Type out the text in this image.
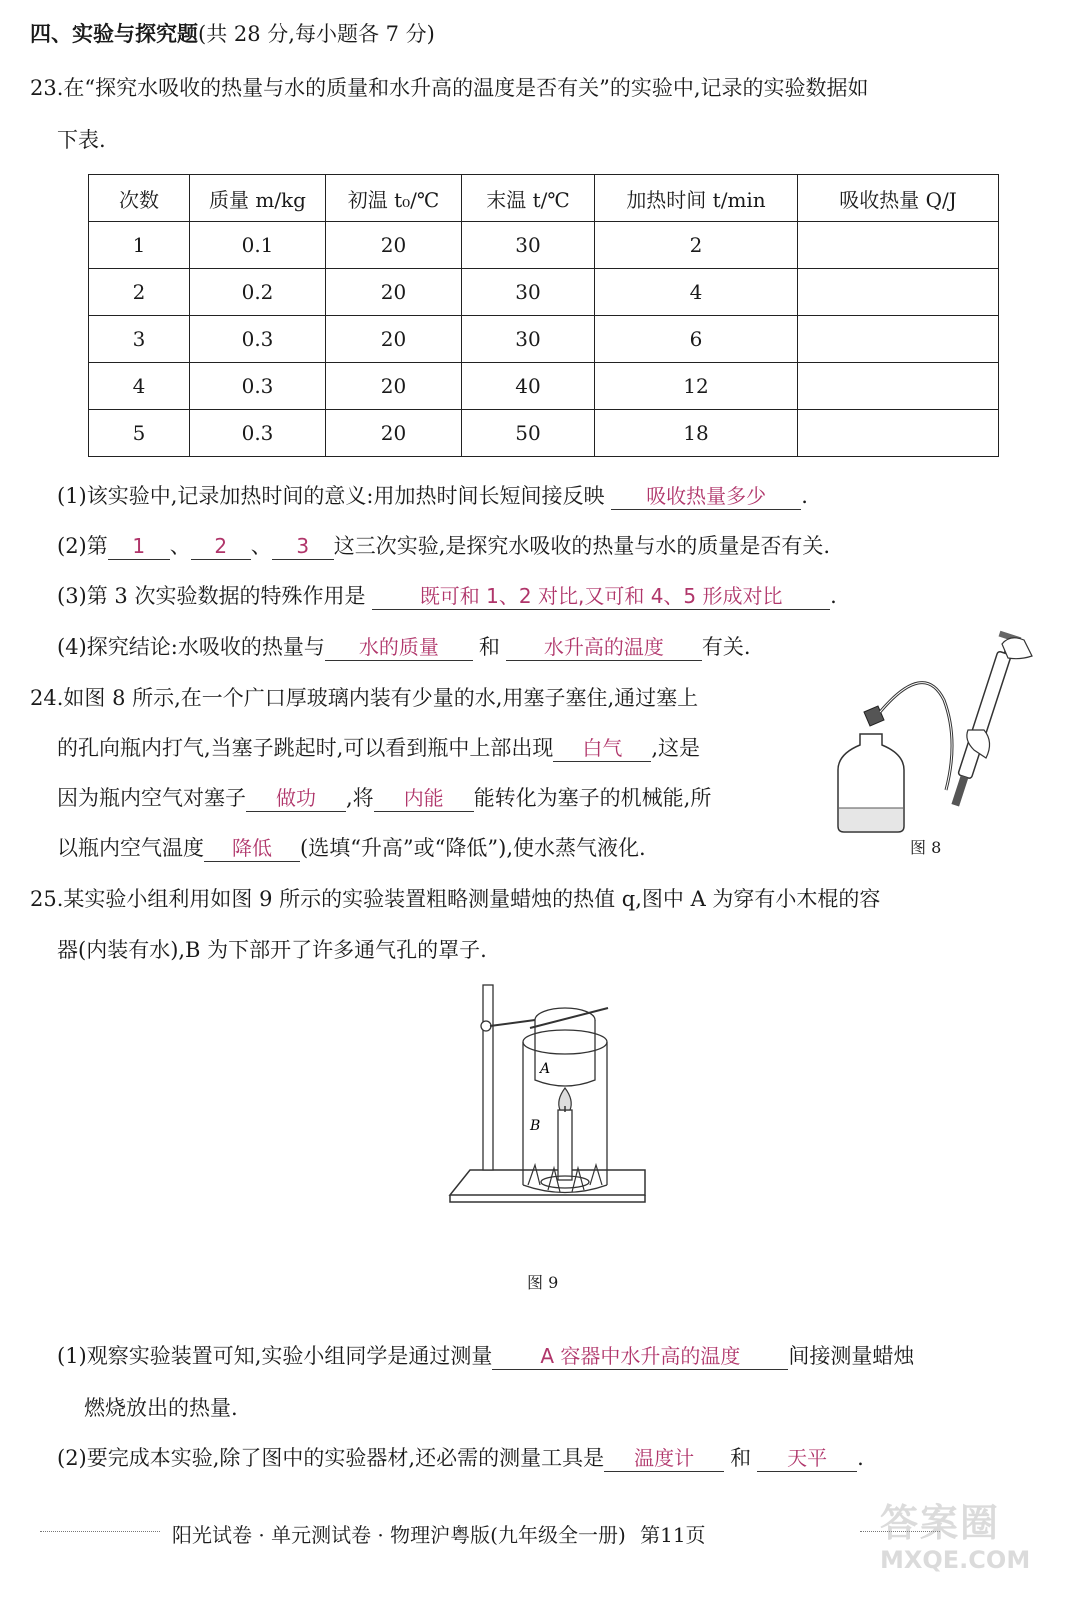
四、实验与探究题(共 28 分,每小题各 7 分)
23.在“探究水吸收的热量与水的质量和水升高的温度是否有关”的实验中,记录的实验数据如
下表.
次数	质量 m/kg	初温 t₀/℃	末温 t/℃	加热时间 t/min	吸收热量 Q/J
1	0.1	20	30	2	
2	0.2	20	30	4	
3	0.3	20	30	6	
4	0.3	20	40	12	
5	0.3	20	50	18	
(1)该实验中,记录加热时间的意义:用加热时间长短间接反映 吸收热量多少 .
(2)第 1 、 2 、 3 这三次实验,是探究水吸收的热量与水的质量是否有关.
(3)第 3 次实验数据的特殊作用是	既可和 1、2 对比,又可和 4、5 形成对比 .
(4)探究结论:水吸收的热量与 水的质量 和 水升高的温度 有关.
24.如图 8 所示,在一个广口厚玻璃内装有少量的水,用塞子塞住,通过塞上
的孔向瓶内打气,当塞子跳起时,可以看到瓶中上部出现 白气 ,这是
因为瓶内空气对塞子 做功 ,将 内能 能转化为塞子的机械能,所
以瓶内空气温度 降低 (选填“升高”或“降低”),使水蒸气液化.	图 8
25.某实验小组利用如图 9 所示的实验装置粗略测量蜡烛的热值 q,图中 A 为穿有小木棍的容
器(内装有水),B 为下部开了许多通气孔的罩子.
A
B
图 9
(1)观察实验装置可知,实验小组同学是通过测量 A 容器中水升高的温度 间接测量蜡烛
燃烧放出的热量.
(2)要完成本实验,除了图中的实验器材,还必需的测量工具是 温度计 和 天平 .
阳光试卷 · 单元测试卷 · 物理沪粤版(九年级全一册) 第11页	答案圈
MXQE.COM
